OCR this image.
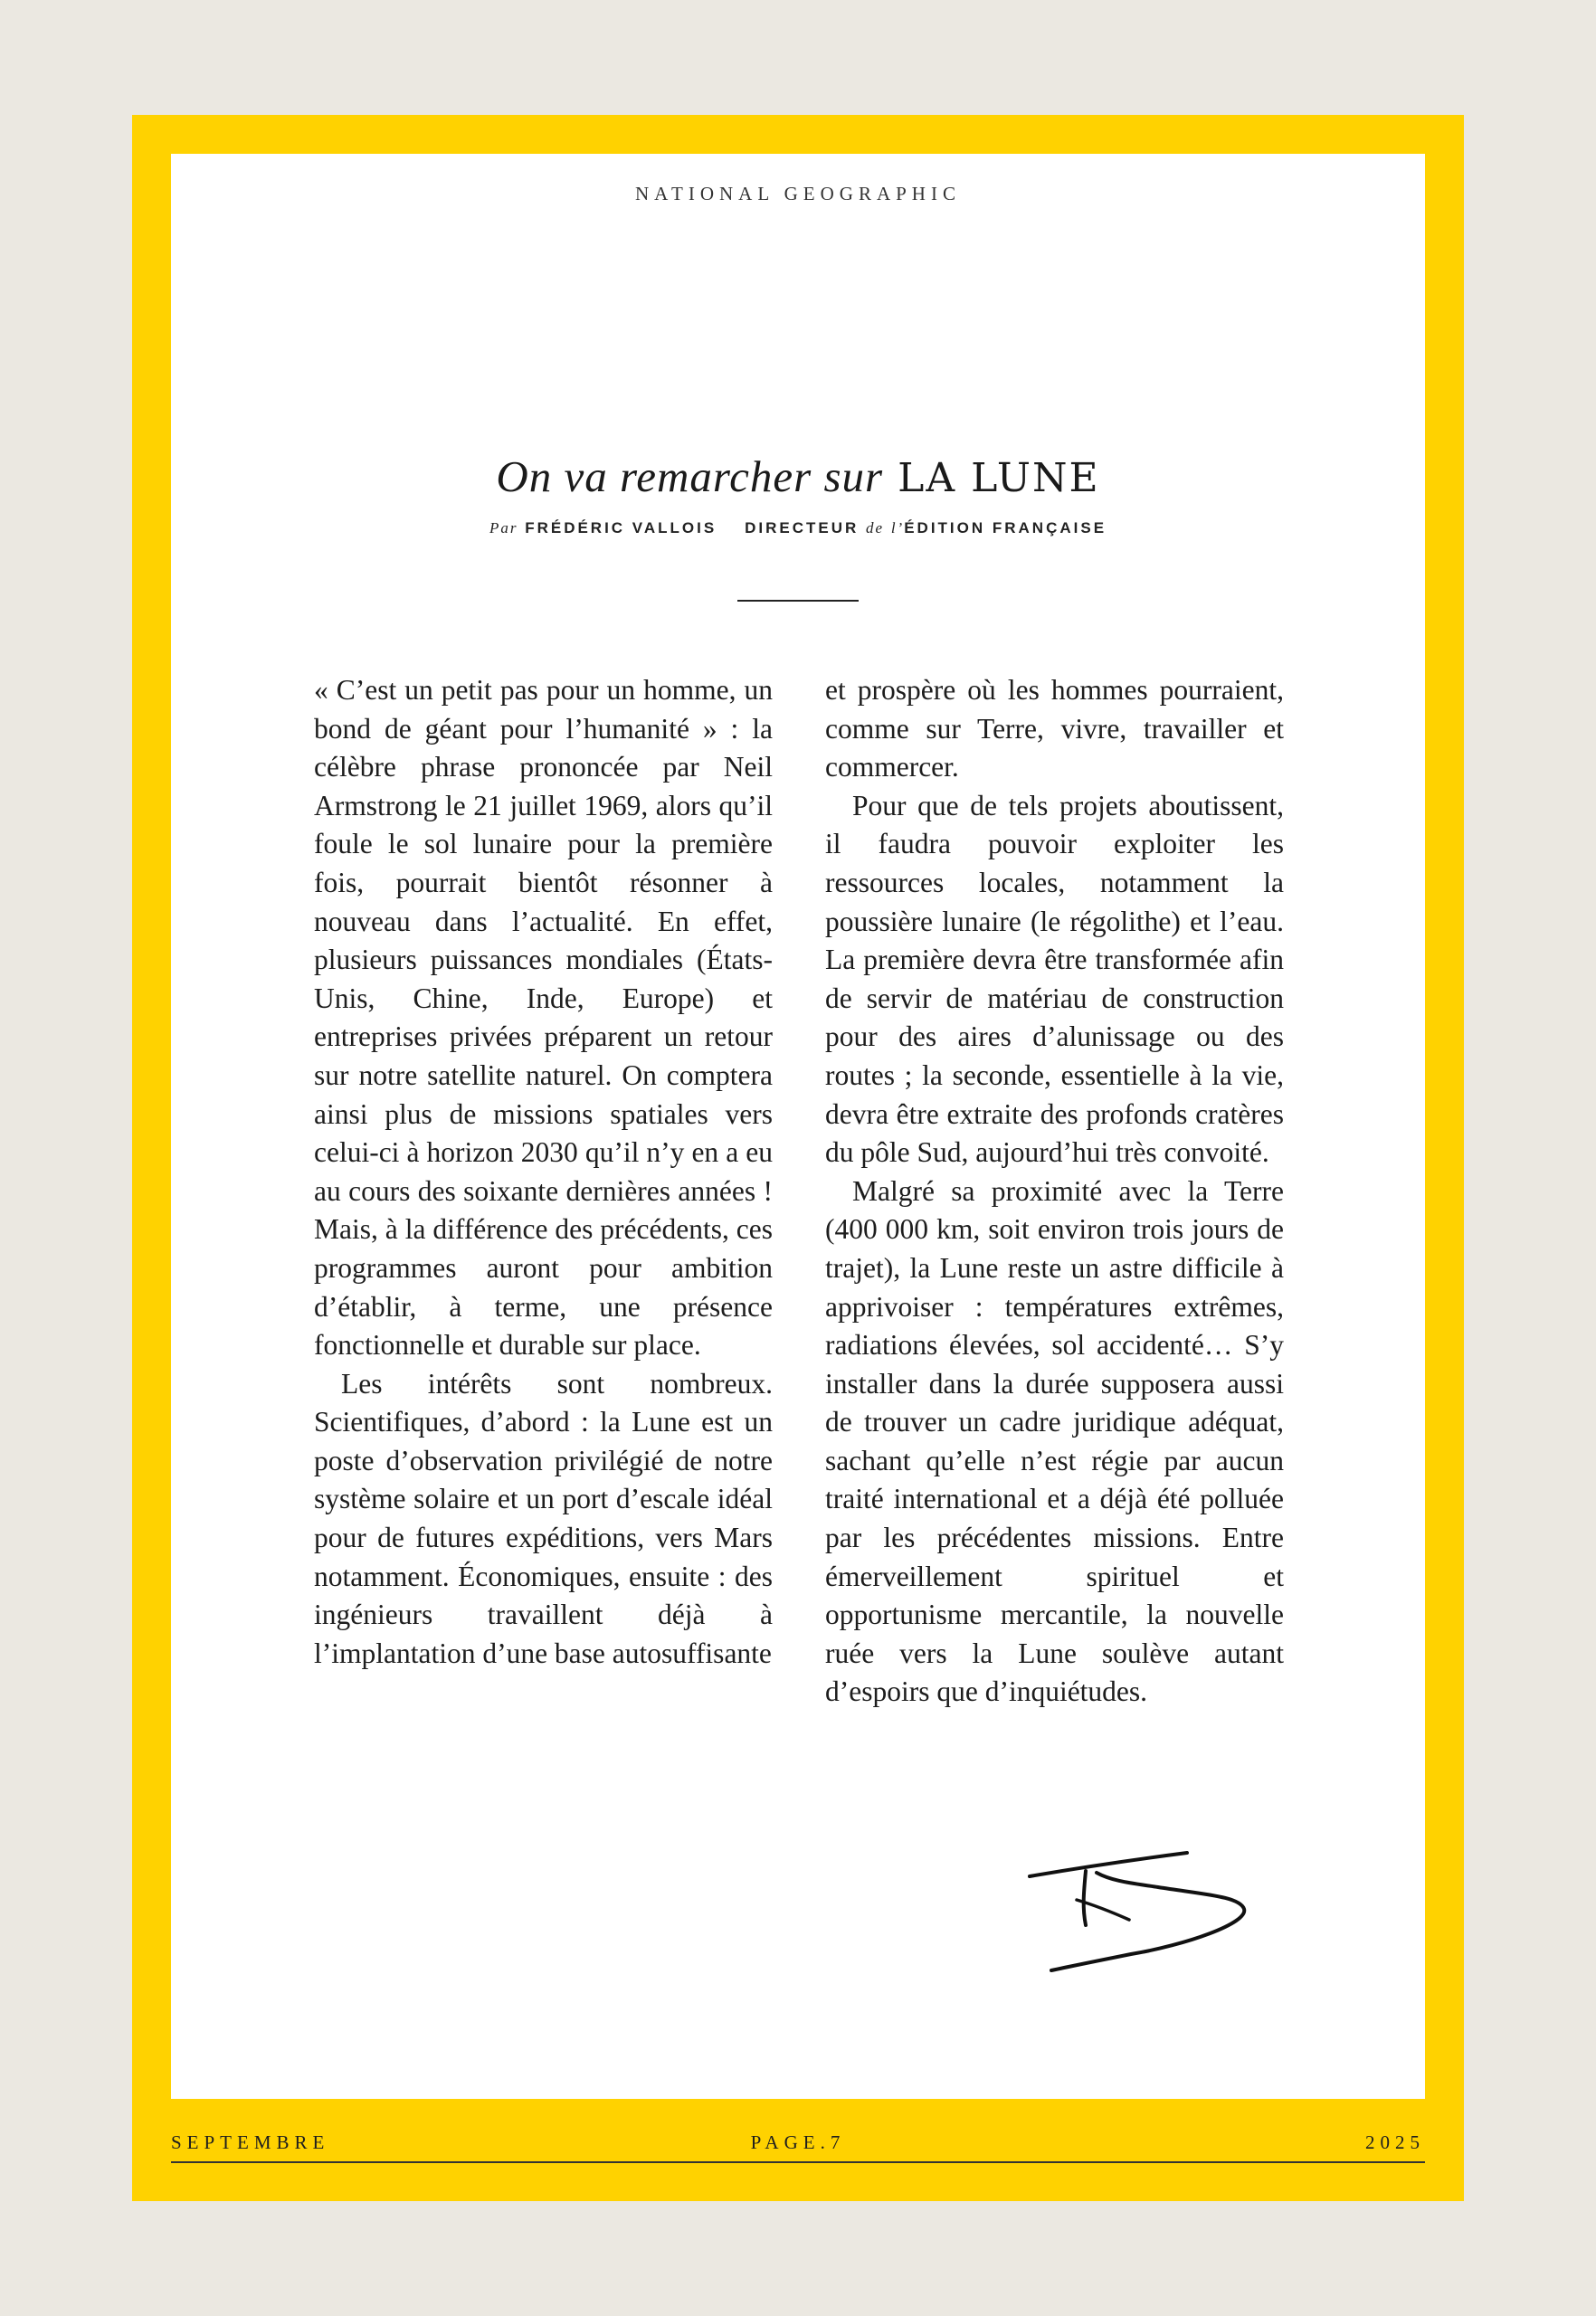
NATIONAL GEOGRAPHIC
On va remarcher sur LA LUNE
Par FRÉDÉRIC VALLOIS DIRECTEUR de l’ÉDITION FRANÇAISE

« C’est un petit pas pour un homme, un bond de géant pour l’humanité » : la célèbre phrase prononcée par Neil Armstrong le 21 juillet 1969, alors qu’il foule le sol lunaire pour la première fois, pourrait bientôt résonner à nouveau dans l’actualité. En effet, plusieurs puissances mondiales (États-Unis, Chine, Inde, Europe) et entreprises privées préparent un retour sur notre satellite naturel. On comptera ainsi plus de missions spatiales vers celui-ci à horizon 2030 qu’il n’y en a eu au cours des soixante dernières années ! Mais, à la différence des précédents, ces programmes auront pour ambition d’établir, à terme, une présence fonctionnelle et durable sur place.

Les intérêts sont nombreux. Scientifiques, d’abord : la Lune est un poste d’observation privilégié de notre système solaire et un port d’escale idéal pour de futures expéditions, vers Mars notamment. Économiques, ensuite : des ingénieurs travaillent déjà à l’implantation d’une base autosuffisante

et prospère où les hommes pourraient, comme sur Terre, vivre, travailler et commercer.

Pour que de tels projets aboutissent, il faudra pouvoir exploiter les ressources locales, notamment la poussière lunaire (le régolithe) et l’eau. La première devra être transformée afin de servir de matériau de construction pour des aires d’alunissage ou des routes ; la seconde, essentielle à la vie, devra être extraite des profonds cratères du pôle Sud, aujourd’hui très convoité.

Malgré sa proximité avec la Terre (400 000 km, soit environ trois jours de trajet), la Lune reste un astre difficile à apprivoiser : températures extrêmes, radiations élevées, sol accidenté… S’y installer dans la durée supposera aussi de trouver un cadre juridique adéquat, sachant qu’elle n’est régie par aucun traité international et a déjà été polluée par les précédentes missions. Entre émerveillement spirituel et opportunisme mercantile, la nouvelle ruée vers la Lune soulève autant d’espoirs que d’inquiétudes.

SEPTEMBRE	PAGE.7	2025
